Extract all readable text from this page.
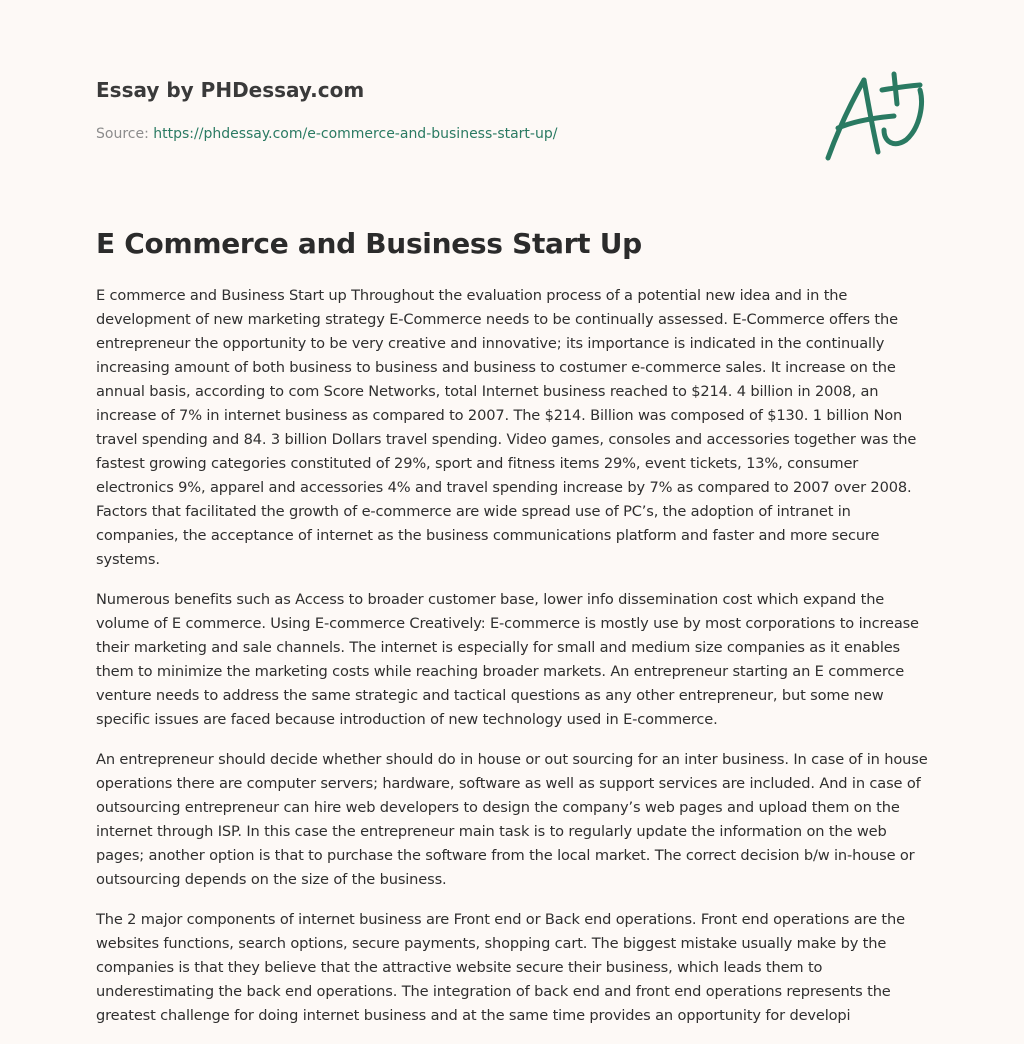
Essay by PHDessay.com
Source: https://phdessay.com/e-commerce-and-business-start-up/
E Commerce and Business Start Up

E commerce and Business Start up Throughout the evaluation process of a potential new idea and in the development of new marketing strategy E-Commerce needs to be continually assessed. E-Commerce offers the entrepreneur the opportunity to be very creative and innovative; its importance is indicated in the continually increasing amount of both business to business and business to costumer e-commerce sales. It increase on the annual basis, according to com Score Networks, total Internet business reached to $214. 4 billion in 2008, an increase of 7% in internet business as compared to 2007. The $214. Billion was composed of $130. 1 billion Non travel spending and 84. 3 billion Dollars travel spending. Video games, consoles and accessories together was the fastest growing categories constituted of 29%, sport and fitness items 29%, event tickets, 13%, consumer electronics 9%, apparel and accessories 4% and travel spending increase by 7% as compared to 2007 over 2008. Factors that facilitated the growth of e-commerce are wide spread use of PC’s, the adoption of intranet in companies, the acceptance of internet as the business communications platform and faster and more secure systems.

Numerous benefits such as Access to broader customer base, lower info dissemination cost which expand the volume of E commerce. Using E-commerce Creatively: E-commerce is mostly use by most corporations to increase their marketing and sale channels. The internet is especially for small and medium size companies as it enables them to minimize the marketing costs while reaching broader markets. An entrepreneur starting an E commerce venture needs to address the same strategic and tactical questions as any other entrepreneur, but some new specific issues are faced because introduction of new technology used in E-commerce.

An entrepreneur should decide whether should do in house or out sourcing for an inter business. In case of in house operations there are computer servers; hardware, software as well as support services are included. And in case of outsourcing entrepreneur can hire web developers to design the company’s web pages and upload them on the internet through ISP. In this case the entrepreneur main task is to regularly update the information on the web pages; another option is that to purchase the software from the local market. The correct decision b/w in-house or outsourcing depends on the size of the business.

The 2 major components of internet business are Front end or Back end operations. Front end operations are the websites functions, search options, secure payments, shopping cart. The biggest mistake usually make by the companies is that they believe that the attractive website secure their business, which leads them to underestimating the back end operations. The integration of back end and front end operations represents the greatest challenge for doing internet business and at the same time provides an opportunity for developi
